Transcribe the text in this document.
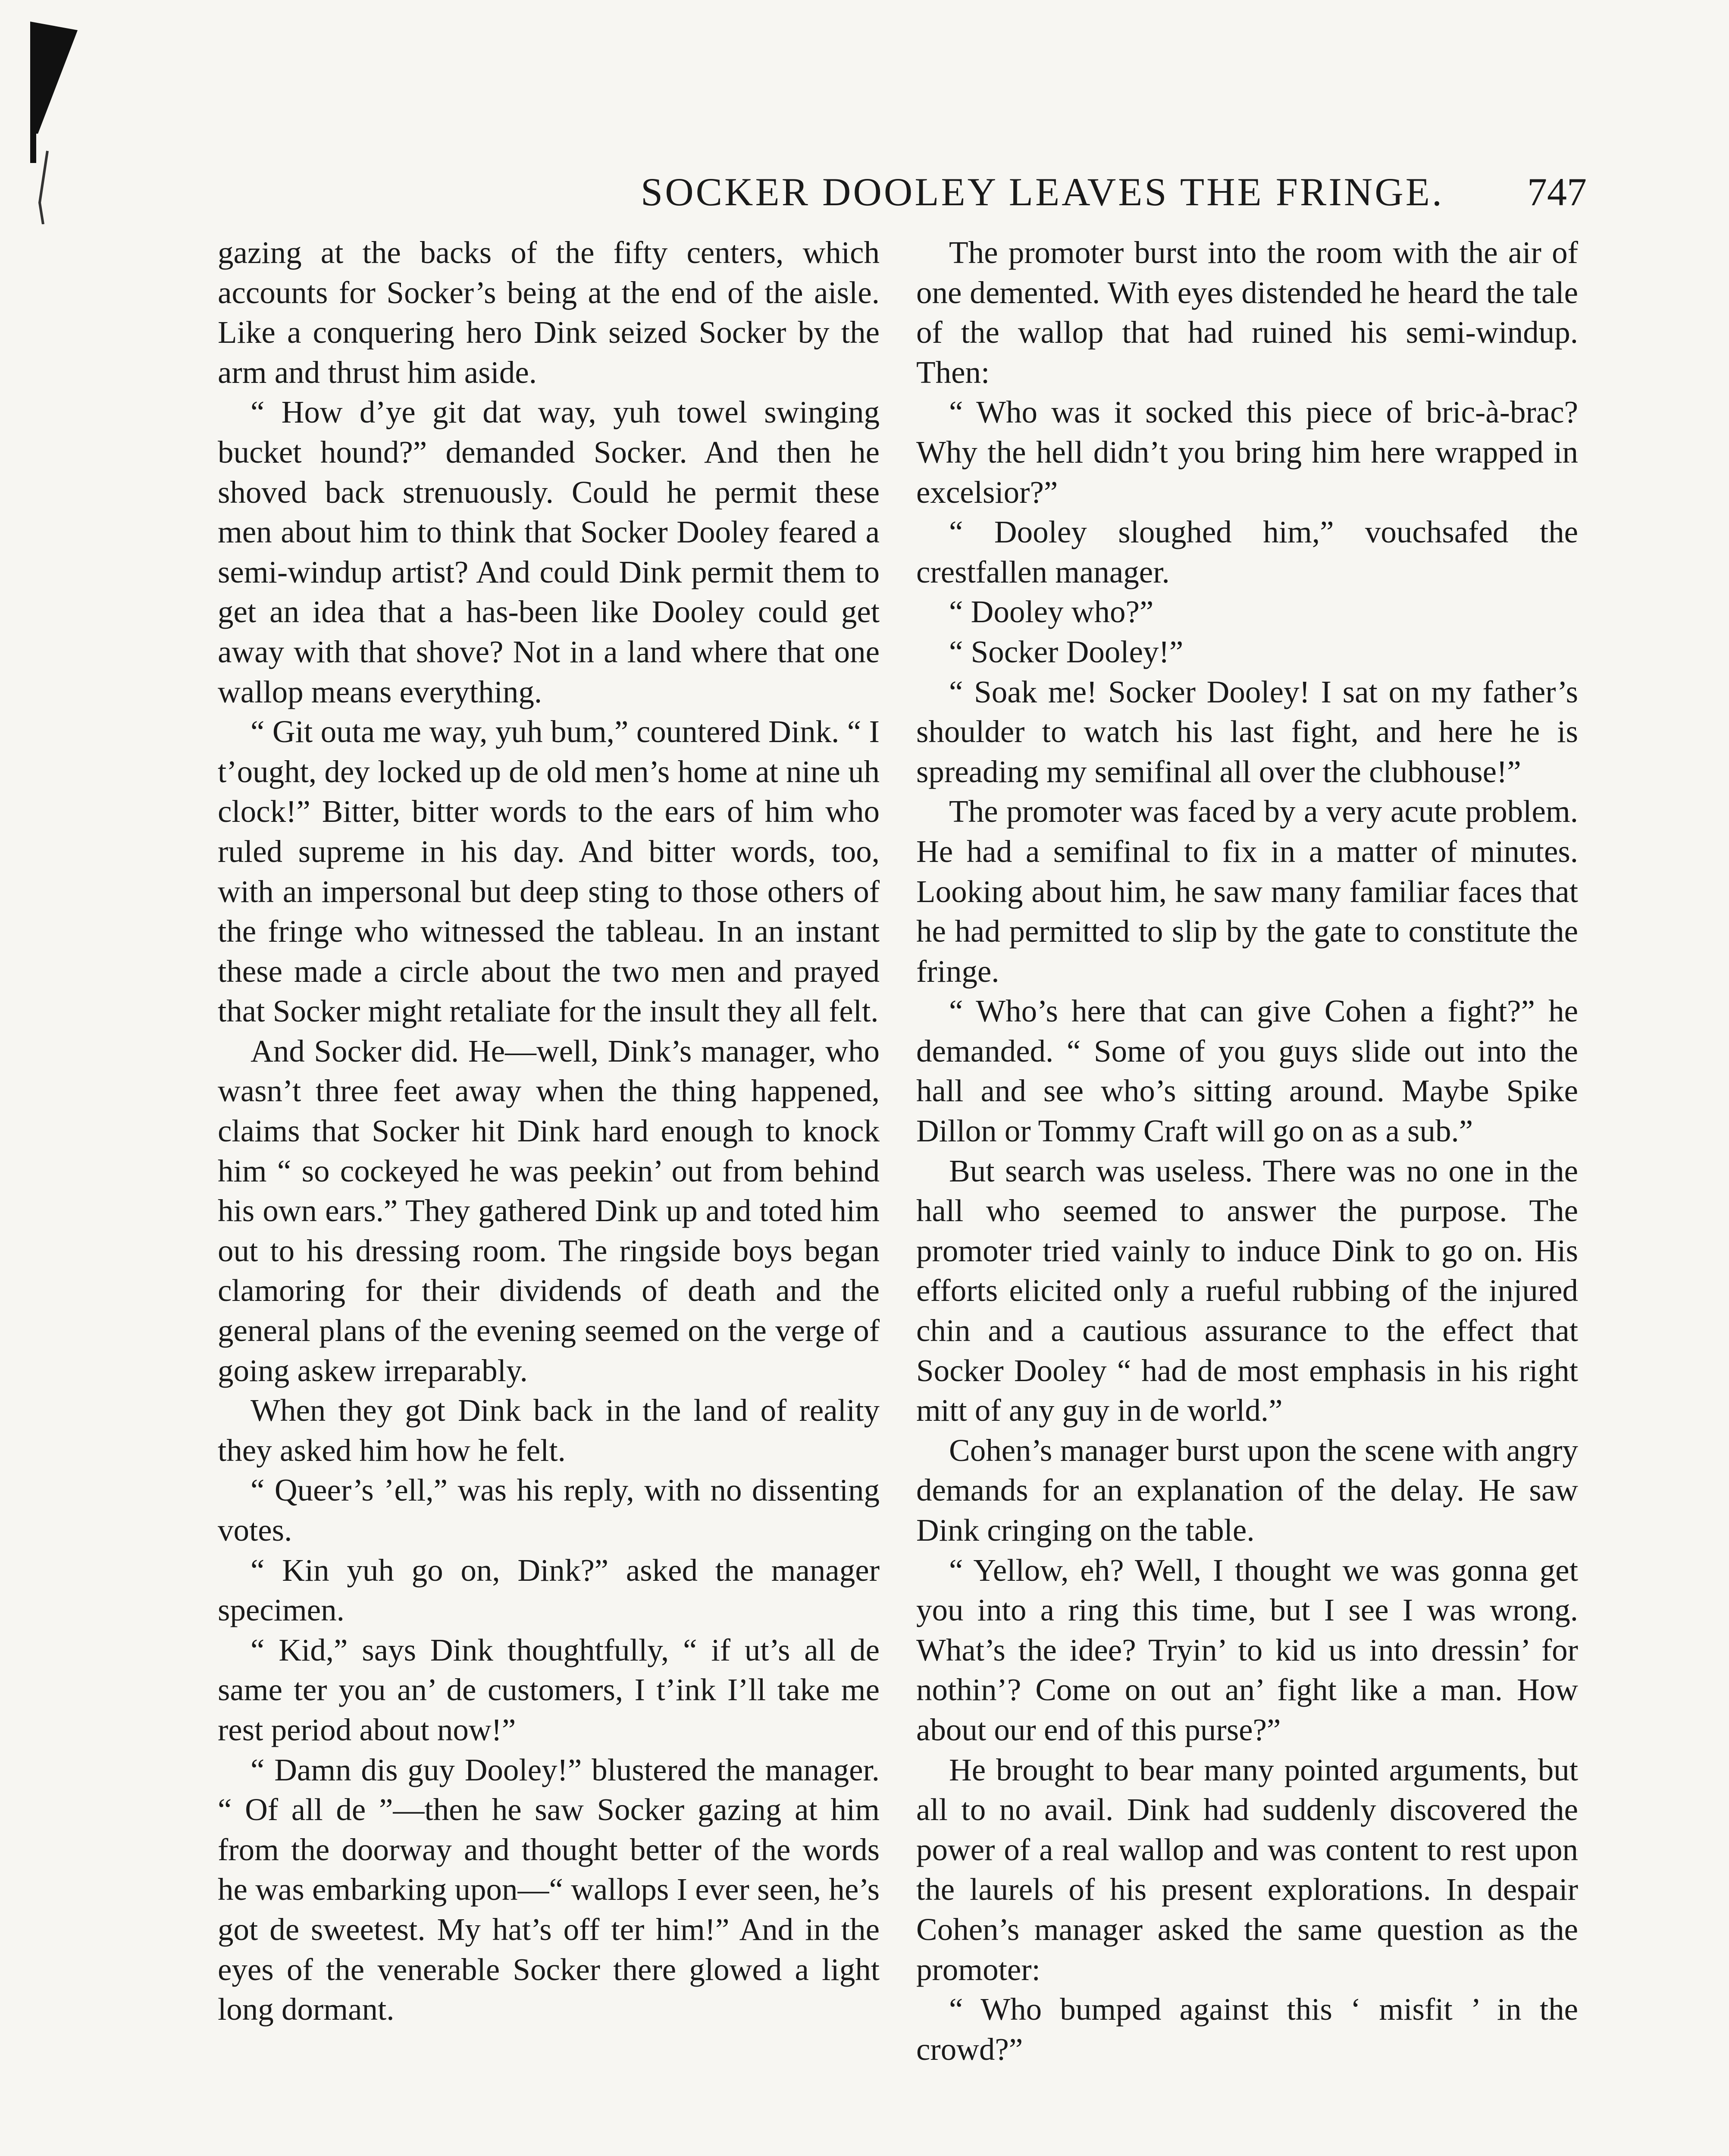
SOCKER DOOLEY LEAVES THE FRINGE.	747

gazing at the backs of the fifty centers, which accounts for Socker’s being at the end of the aisle. Like a conquering hero Dink seized Socker by the arm and thrust him aside.

“ How d’ye git dat way, yuh towel swinging bucket hound?” demanded Socker. And then he shoved back strenuously. Could he permit these men about him to think that Socker Dooley feared a semi-windup artist? And could Dink permit them to get an idea that a has-been like Dooley could get away with that shove? Not in a land where that one wallop means everything.

“ Git outa me way, yuh bum,” countered Dink. “ I t’ought, dey locked up de old men’s home at nine uh clock!” Bitter, bitter words to the ears of him who ruled supreme in his day. And bitter words, too, with an impersonal but deep sting to those others of the fringe who witnessed the tableau. In an instant these made a circle about the two men and prayed that Socker might retaliate for the insult they all felt.

And Socker did. He—well, Dink’s manager, who wasn’t three feet away when the thing happened, claims that Socker hit Dink hard enough to knock him “ so cockeyed he was peekin’ out from behind his own ears.” They gathered Dink up and toted him out to his dressing room. The ringside boys began clamoring for their dividends of death and the general plans of the evening seemed on the verge of going askew irreparably.

When they got Dink back in the land of reality they asked him how he felt.

“ Queer’s ’ell,” was his reply, with no dissenting votes.

“ Kin yuh go on, Dink?” asked the manager specimen.

“ Kid,” says Dink thoughtfully, “ if ut’s all de same ter you an’ de customers, I t’ink I’ll take me rest period about now!”

“ Damn dis guy Dooley!” blustered the manager. “ Of all de ”—then he saw Socker gazing at him from the doorway and thought better of the words he was embarking upon—“ wallops I ever seen, he’s got de sweetest. My hat’s off ter him!” And in the eyes of the venerable Socker there glowed a light long dormant.

The promoter burst into the room with the air of one demented. With eyes distended he heard the tale of the wallop that had ruined his semi-windup. Then:

“ Who was it socked this piece of bric-à-brac? Why the hell didn’t you bring him here wrapped in excelsior?”

“ Dooley sloughed him,” vouchsafed the crestfallen manager.

“ Dooley who?”

“ Socker Dooley!”

“ Soak me! Socker Dooley! I sat on my father’s shoulder to watch his last fight, and here he is spreading my semifinal all over the clubhouse!”

The promoter was faced by a very acute problem. He had a semifinal to fix in a matter of minutes. Looking about him, he saw many familiar faces that he had permitted to slip by the gate to constitute the fringe.

“ Who’s here that can give Cohen a fight?” he demanded. “ Some of you guys slide out into the hall and see who’s sitting around. Maybe Spike Dillon or Tommy Craft will go on as a sub.”

But search was useless. There was no one in the hall who seemed to answer the purpose. The promoter tried vainly to induce Dink to go on. His efforts elicited only a rueful rubbing of the injured chin and a cautious assurance to the effect that Socker Dooley “ had de most emphasis in his right mitt of any guy in de world.”

Cohen’s manager burst upon the scene with angry demands for an explanation of the delay. He saw Dink cringing on the table.

“ Yellow, eh? Well, I thought we was gonna get you into a ring this time, but I see I was wrong. What’s the idee? Tryin’ to kid us into dressin’ for nothin’? Come on out an’ fight like a man. How about our end of this purse?”

He brought to bear many pointed arguments, but all to no avail. Dink had suddenly discovered the power of a real wallop and was content to rest upon the laurels of his present explorations. In despair Cohen’s manager asked the same question as the promoter:

“ Who bumped against this ‘ misfit ’ in the crowd?”
